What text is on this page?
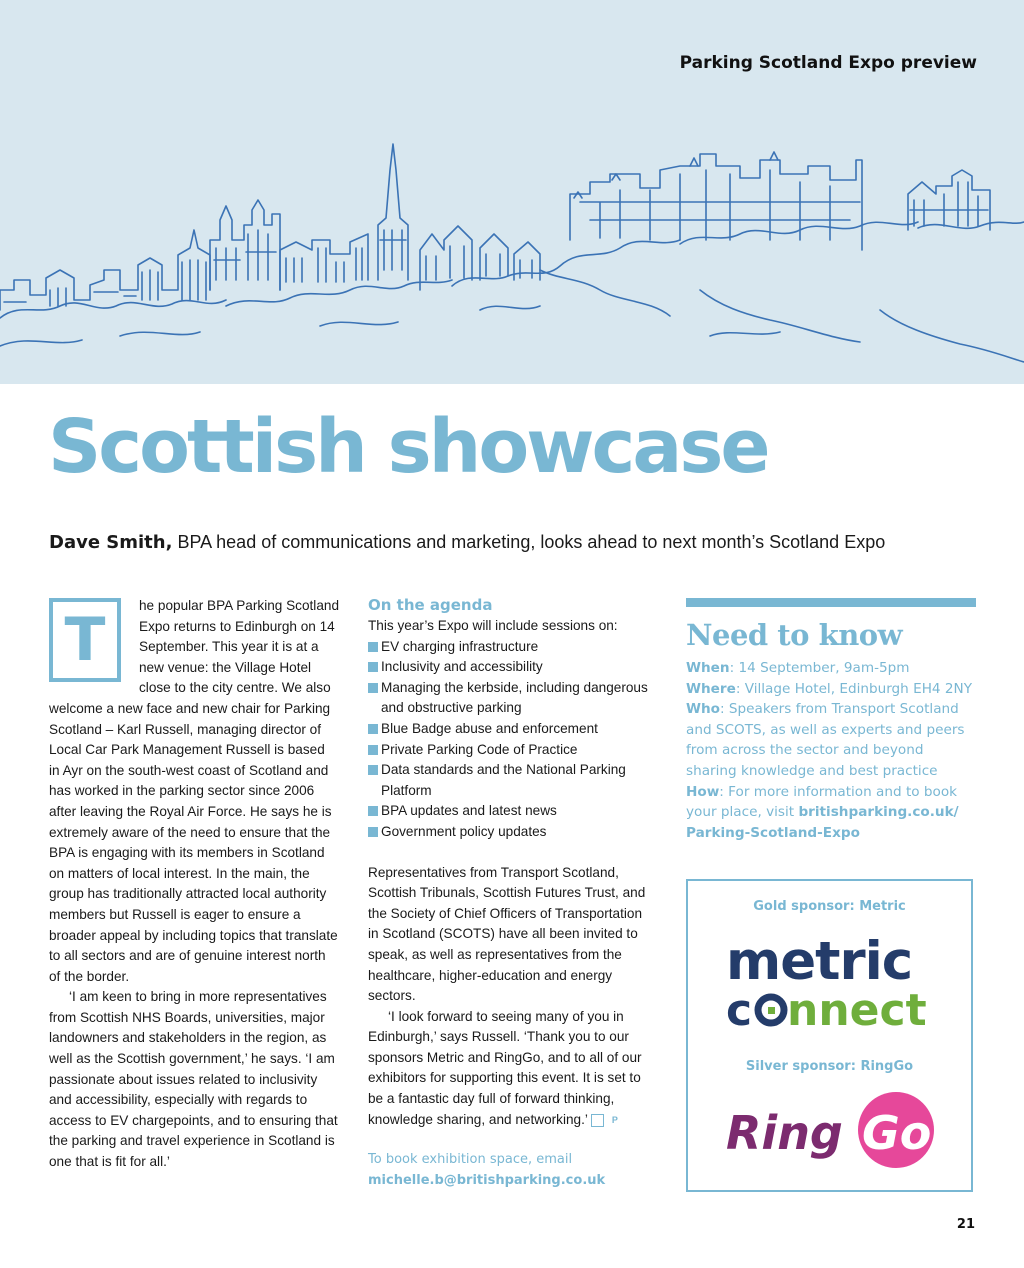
Parking Scotland Expo preview
Scottish showcase
Dave Smith, BPA head of communications and marketing, looks ahead to next month’s Scotland Expo
T	he popular BPA Parking Scotland Expo returns to Edinburgh on 14 September. This year it is at a new venue: the Village Hotel close to the city centre. We also welcome a new face and new chair for Parking Scotland – Karl Russell, managing director of Local Car Park Management Russell is based in Ayr on the south-west coast of Scotland and has worked in the parking sector since 2006 after leaving the Royal Air Force. He says he is extremely aware of the need to ensure that the BPA is engaging with its members in Scotland on matters of local interest. In the main, the group has traditionally attracted local authority members but Russell is eager to ensure a broader appeal by including topics that translate to all sectors and are of genuine interest north of the border.

‘I am keen to bring in more representatives from Scottish NHS Boards, universities, major landowners and stakeholders in the region, as well as the Scottish government,’ he says. ‘I am passionate about issues related to inclusivity and accessibility, especially with regards to access to EV chargepoints, and to ensuring that the parking and travel experience in Scotland is one that is fit for all.’

On the agenda

This year’s Expo will include sessions on:

EV charging infrastructure
Inclusivity and accessibility
Managing the kerbside, including dangerous and obstructive parking
Blue Badge abuse and enforcement
Private Parking Code of Practice
Data standards and the National Parking Platform
BPA updates and latest news
Government policy updates

Representatives from Transport Scotland, Scottish Tribunals, Scottish Futures Trust, and the Society of Chief Officers of Transportation in Scotland (SCOTS) have all been invited to speak, as well as representatives from the healthcare, higher-education and energy sectors.

‘I look forward to seeing many of you in Edinburgh,’ says Russell. ‘Thank you to our sponsors Metric and RingGo, and to all of our exhibitors for supporting this event. It is set to be a fantastic day full of forward thinking, knowledge sharing, and networking.’	P

To book exhibition space, email
michelle.b@britishparking.co.uk
Need to know
When: 14 September, 9am-5pm
Where: Village Hotel, Edinburgh EH4 2NY
Who: Speakers from Transport Scotland and SCOTS, as well as experts and peers from across the sector and beyond sharing knowledge and best practice
How: For more information and to book your place, visit britishparking.co.uk/ Parking-Scotland-Expo
Gold sponsor: Metric
metric
c nnect
Silver sponsor: RingGo
Ring Go
21
